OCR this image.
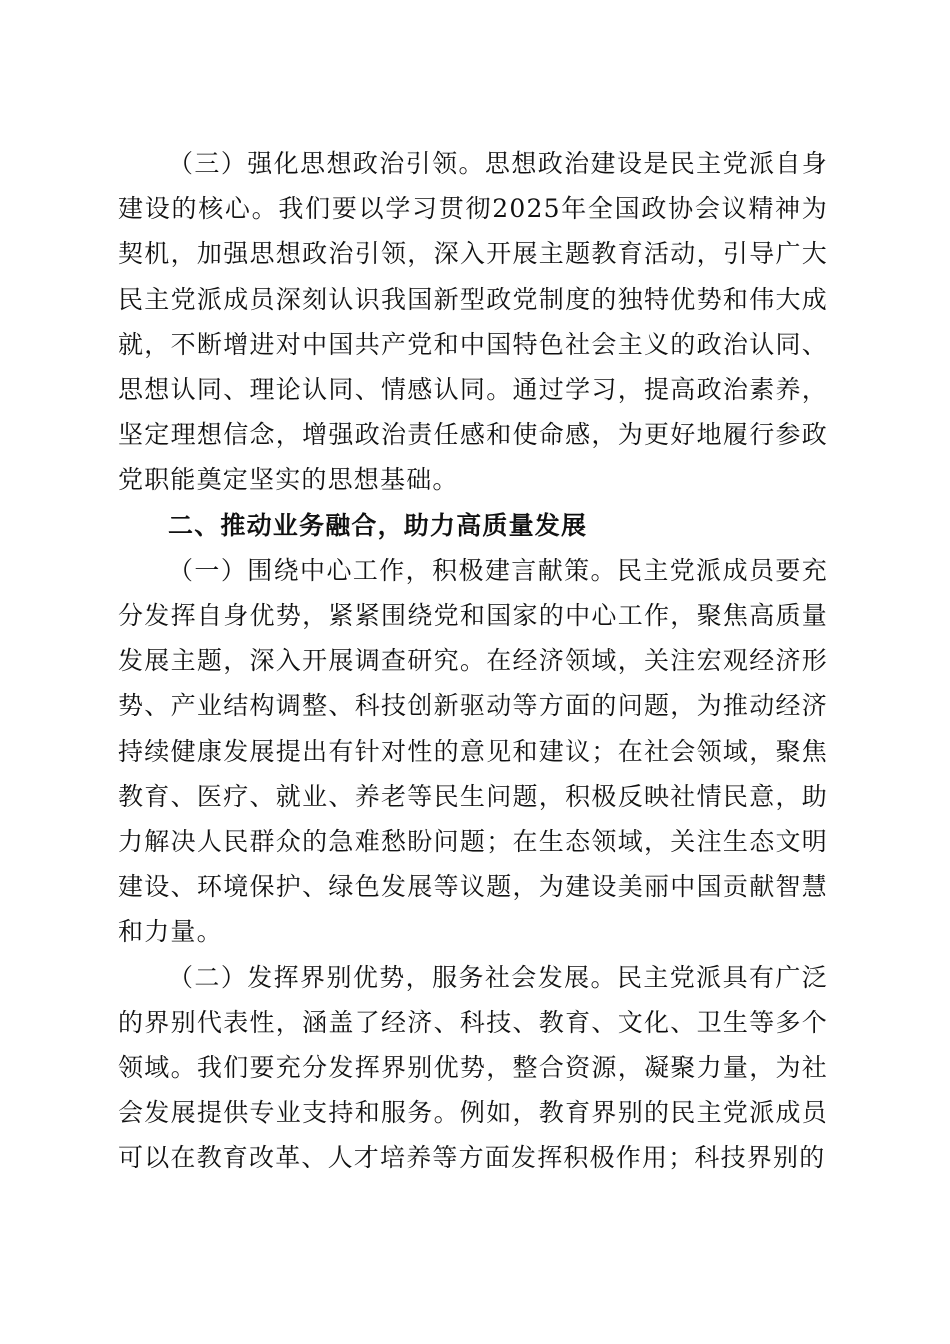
（三）强化思想政治引领。思想政治建设是民主党派自身建设的核心。我们要以学习贯彻2025年全国政协会议精神为契机，加强思想政治引领，深入开展主题教育活动，引导广大民主党派成员深刻认识我国新型政党制度的独特优势和伟大成就，不断增进对中国共产党和中国特色社会主义的政治认同、思想认同、理论认同、情感认同。通过学习，提高政治素养，坚定理想信念，增强政治责任感和使命感，为更好地履行参政党职能奠定坚实的思想基础。

二、推动业务融合，助力高质量发展

（一）围绕中心工作，积极建言献策。民主党派成员要充分发挥自身优势，紧紧围绕党和国家的中心工作，聚焦高质量发展主题，深入开展调查研究。在经济领域，关注宏观经济形势、产业结构调整、科技创新驱动等方面的问题，为推动经济持续健康发展提出有针对性的意见和建议；在社会领域，聚焦教育、医疗、就业、养老等民生问题，积极反映社情民意，助力解决人民群众的急难愁盼问题；在生态领域，关注生态文明建设、环境保护、绿色发展等议题，为建设美丽中国贡献智慧和力量。

（二）发挥界别优势，服务社会发展。民主党派具有广泛的界别代表性，涵盖了经济、科技、教育、文化、卫生等多个领域。我们要充分发挥界别优势，整合资源，凝聚力量，为社会发展提供专业支持和服务。例如，教育界别的民主党派成员可以在教育改革、人才培养等方面发挥积极作用；科技界别的
